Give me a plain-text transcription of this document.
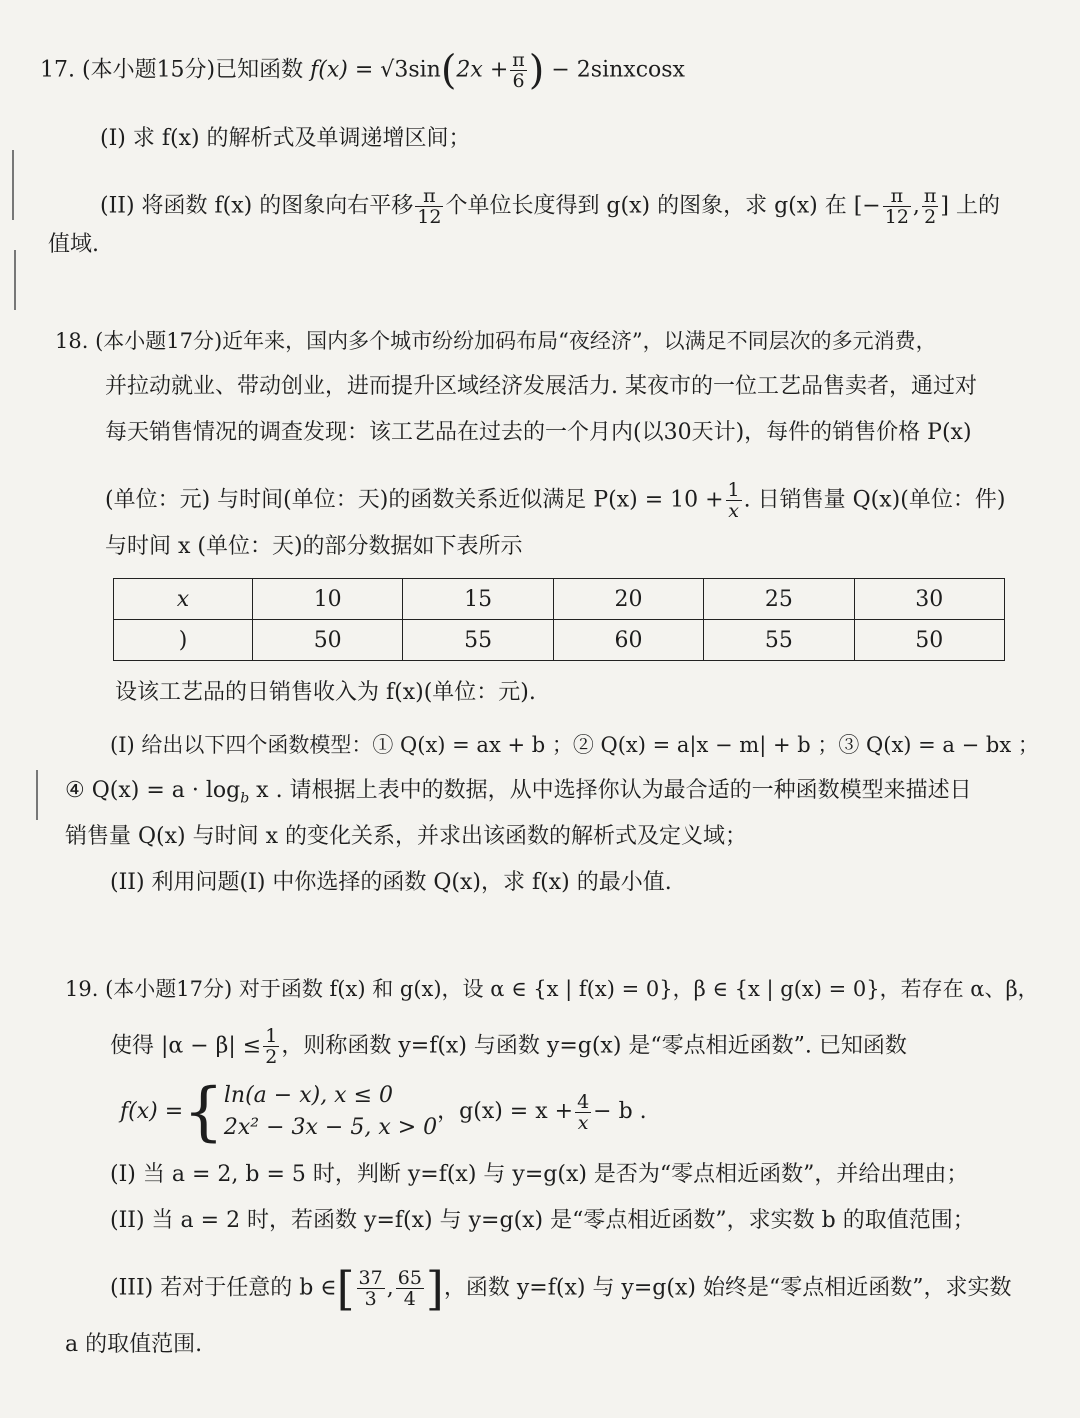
17. (本小题15分)已知函数 $f(x) = √3\sin(2x + \frac{\pi}{6}$ ) − 2sinxcosx
(I) 求 f(x) 的解析式及单调递增区间；
(II) 将函数 f(x) 的图象向右平移 $\frac{\pi}{12}$ 个单位长度得到 g(x) 的图象，求 g(x) 在 [− $\frac{\pi}{12}$ , $\frac{\pi}{2}$ ] 上的
值域.
18. (本小题17分)近年来，国内多个城市纷纷加码布局“夜经济”，以满足不同层次的多元消费，
并拉动就业、带动创业，进而提升区域经济发展活力. 某夜市的一位工艺品售卖者，通过对
每天销售情况的调查发现：该工艺品在过去的一个月内(以30天计)，每件的销售价格 P(x)
(单位：元) 与时间(单位：天)的函数关系近似满足 $P(x) = 10 + \frac{1}{x}$ . 日销售量 Q(x)(单位：件)
与时间 x (单位：天)的部分数据如下表所示
x	10	15	20	25	30
)	50	55	60	55	50
设该工艺品的日销售收入为 f(x)(单位：元).
(I) 给出以下四个函数模型：① Q(x) = ax + b ；② Q(x) = a|x − m| + b ；③ Q(x) = a − bx ；
④ $Q(x) = a \cdot \log_b x$ . 请根据上表中的数据，从中选择你认为最合适的一种函数模型来描述日
销售量 Q(x) 与时间 x 的变化关系，并求出该函数的解析式及定义域；
(II) 利用问题(I) 中你选择的函数 Q(x)，求 f(x) 的最小值.
19. (本小题17分) 对于函数 f(x) 和 g(x)，设 α ∈ {x | f(x) = 0}，β ∈ {x | g(x) = 0}，若存在 α、β，
使得 $|\alpha - \beta| \le \frac{1}{2}$ ，则称函数 y=f(x) 与函数 y=g(x) 是“零点相近函数”. 已知函数
f(x) ={ ln(a − x), x ≤ 0
2x² − 3x − 5, x > 0
，$g(x) = x + \frac{4}{x} - b$ .
(I) 当 a = 2, b = 5 时，判断 y=f(x) 与 y=g(x) 是否为“零点相近函数”，并给出理由；
(II) 当 a = 2 时，若函数 y=f(x) 与 y=g(x) 是“零点相近函数”，求实数 b 的取值范围；
(III) 若对于任意的 b ∈[ $\frac{37}{3}$ , $\frac{65}{4}$ ]，函数 y=f(x) 与 y=g(x) 始终是“零点相近函数”，求实数
a 的取值范围.
